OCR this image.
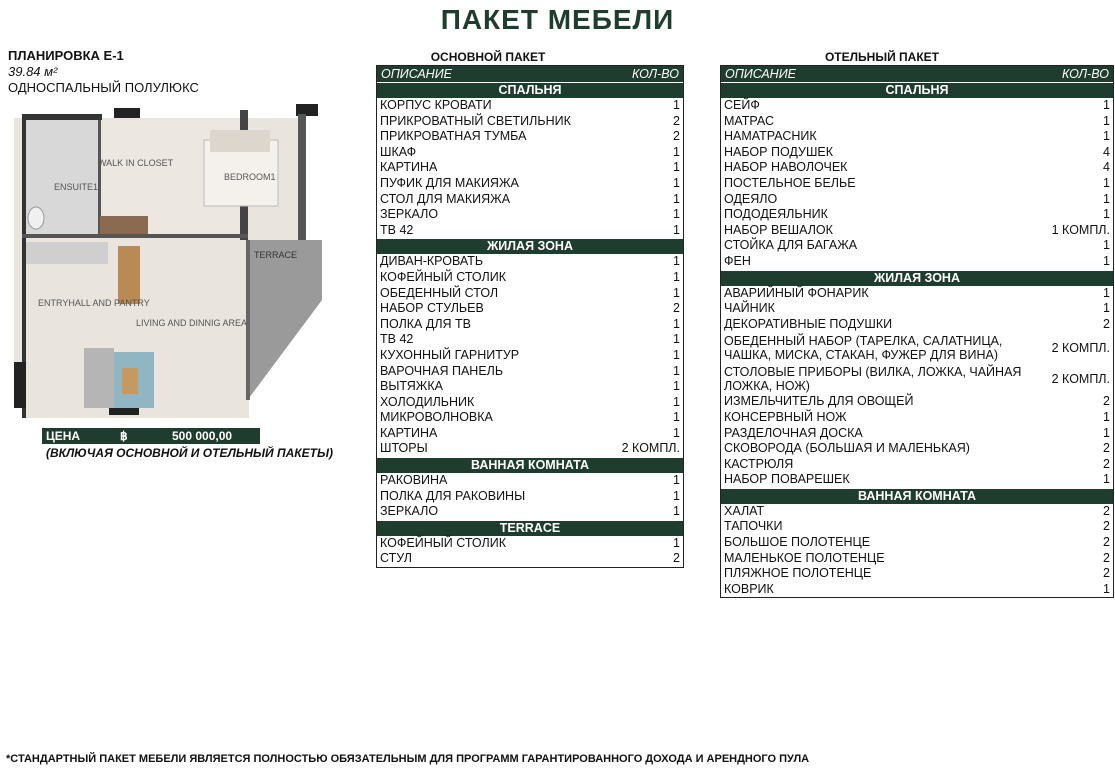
ПАКЕТ МЕБЕЛИ
ПЛАНИРОВКА Е-1
39.84 м²
ОДНОСПАЛЬНЫЙ ПОЛУЛЮКС
WALK IN CLOSET
BEDROOM1
ENSUITE1
TERRACE
ENTRYHALL AND PANTRY
LIVING AND DINNIG AREA
ЦЕНА	฿	500 000,00
(ВКЛЮЧАЯ ОСНОВНОЙ И ОТЕЛЬНЫЙ ПАКЕТЫ)
ОСНОВНОЙ ПАКЕТ
ОПИСАНИЕ	КОЛ-ВО
СПАЛЬНЯ
КОРПУС КРОВАТИ	1
ПРИКРОВАТНЫЙ СВЕТИЛЬНИК	2
ПРИКРОВАТНАЯ ТУМБА	2
ШКАФ	1
КАРТИНА	1
ПУФИК ДЛЯ МАКИЯЖА	1
СТОЛ ДЛЯ МАКИЯЖА	1
ЗЕРКАЛО	1
ТВ 42	1
ЖИЛАЯ ЗОНА
ДИВАН-КРОВАТЬ	1
КОФЕЙНЫЙ СТОЛИК	1
ОБЕДЕННЫЙ СТОЛ	1
НАБОР СТУЛЬЕВ	2
ПОЛКА ДЛЯ ТВ	1
ТВ 42	1
КУХОННЫЙ ГАРНИТУР	1
ВАРОЧНАЯ ПАНЕЛЬ	1
ВЫТЯЖКА	1
ХОЛОДИЛЬНИК	1
МИКРОВОЛНОВКА	1
КАРТИНА	1
ШТОРЫ	2 КОМПЛ.
ВАННАЯ КОМНАТА
РАКОВИНА	1
ПОЛКА ДЛЯ РАКОВИНЫ	1
ЗЕРКАЛО	1
TERRACE
КОФЕЙНЫЙ СТОЛИК	1
СТУЛ	2
ОТЕЛЬНЫЙ ПАКЕТ
ОПИСАНИЕ	КОЛ-ВО
СПАЛЬНЯ
СЕЙФ	1
МАТРАС	1
НАМАТРАСНИК	1
НАБОР ПОДУШЕК	4
НАБОР НАВОЛОЧЕК	4
ПОСТЕЛЬНОЕ БЕЛЬЕ	1
ОДЕЯЛО	1
ПОДОДЕЯЛЬНИК	1
НАБОР ВЕШАЛОК	1 КОМПЛ.
СТОЙКА ДЛЯ БАГАЖА	1
ФЕН	1
ЖИЛАЯ ЗОНА
АВАРИЙНЫЙ ФОНАРИК	1
ЧАЙНИК	1
ДЕКОРАТИВНЫЕ ПОДУШКИ	2
ОБЕДЕННЫЙ НАБОР (ТАРЕЛКА, САЛАТНИЦА, ЧАШКА, МИСКА, СТАКАН, ФУЖЕР ДЛЯ ВИНА)	2 КОМПЛ.
СТОЛОВЫЕ ПРИБОРЫ (ВИЛКА, ЛОЖКА, ЧАЙНАЯ ЛОЖКА, НОЖ)	2 КОМПЛ.
ИЗМЕЛЬЧИТЕЛЬ ДЛЯ ОВОЩЕЙ	2
КОНСЕРВНЫЙ НОЖ	1
РАЗДЕЛОЧНАЯ ДОСКА	1
СКОВОРОДА (БОЛЬШАЯ И МАЛЕНЬКАЯ)	2
КАСТРЮЛЯ	2
НАБОР ПОВАРЕШЕК	1
ВАННАЯ КОМНАТА
ХАЛАТ	2
ТАПОЧКИ	2
БОЛЬШОЕ ПОЛОТЕНЦЕ	2
МАЛЕНЬКОЕ ПОЛОТЕНЦЕ	2
ПЛЯЖНОЕ ПОЛОТЕНЦЕ	2
КОВРИК	1
*СТАНДАРТНЫЙ ПАКЕТ МЕБЕЛИ ЯВЛЯЕТСЯ ПОЛНОСТЬЮ ОБЯЗАТЕЛЬНЫМ ДЛЯ ПРОГРАММ ГАРАНТИРОВАННОГО ДОХОДА И АРЕНДНОГО ПУЛА
